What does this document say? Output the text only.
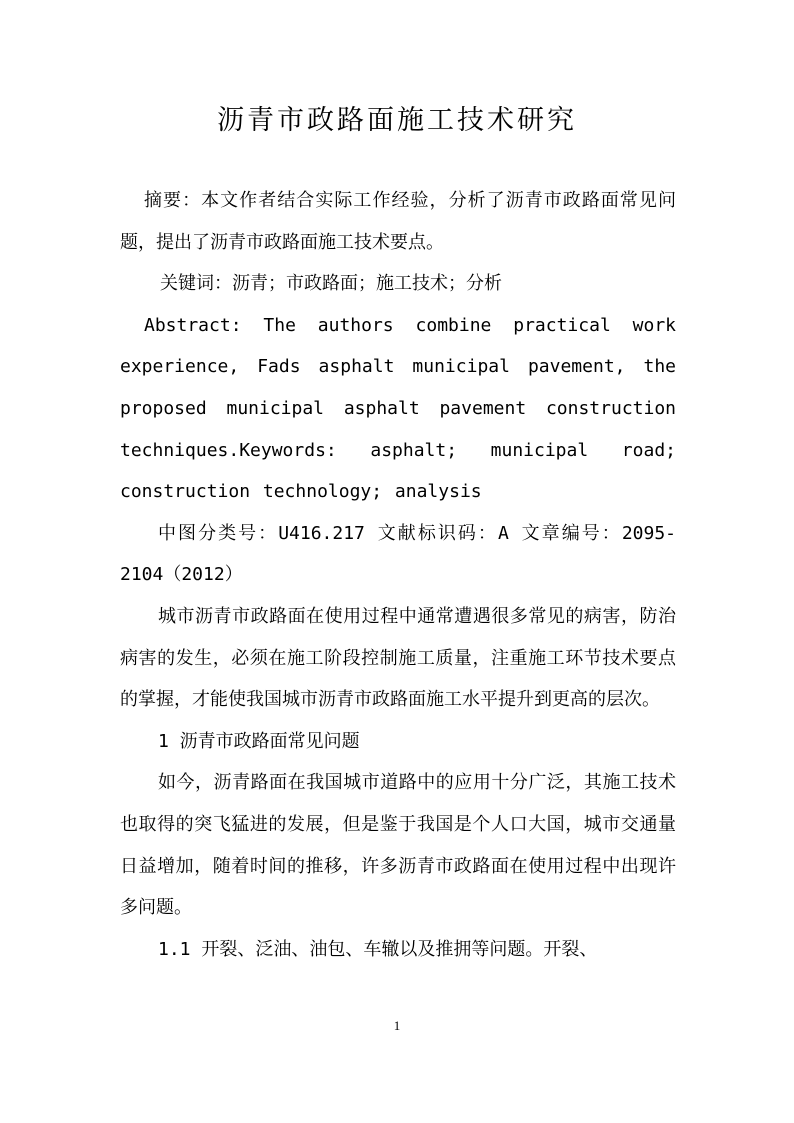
沥青市政路面施工技术研究

摘要：本文作者结合实际工作经验，分析了沥青市政路面常见问题，提出了沥青市政路面施工技术要点。

关键词：沥青；市政路面；施工技术；分析

Abstract: The authors combine practical work experience, Fads asphalt municipal pavement, the proposed municipal asphalt pavement construction techniques.Keywords: asphalt; municipal road; construction technology; analysis

中图分类号：U416.217 文献标识码：A 文章编号：2095-2104（2012）

城市沥青市政路面在使用过程中通常遭遇很多常见的病害，防治病害的发生，必须在施工阶段控制施工质量，注重施工环节技术要点的掌握，才能使我国城市沥青市政路面施工水平提升到更高的层次。

1 沥青市政路面常见问题

如今，沥青路面在我国城市道路中的应用十分广泛，其施工技术也取得的突飞猛进的发展，但是鉴于我国是个人口大国，城市交通量日益增加，随着时间的推移，许多沥青市政路面在使用过程中出现许多问题。

1.1 开裂、泛油、油包、车辙以及推拥等问题。开裂、

1
